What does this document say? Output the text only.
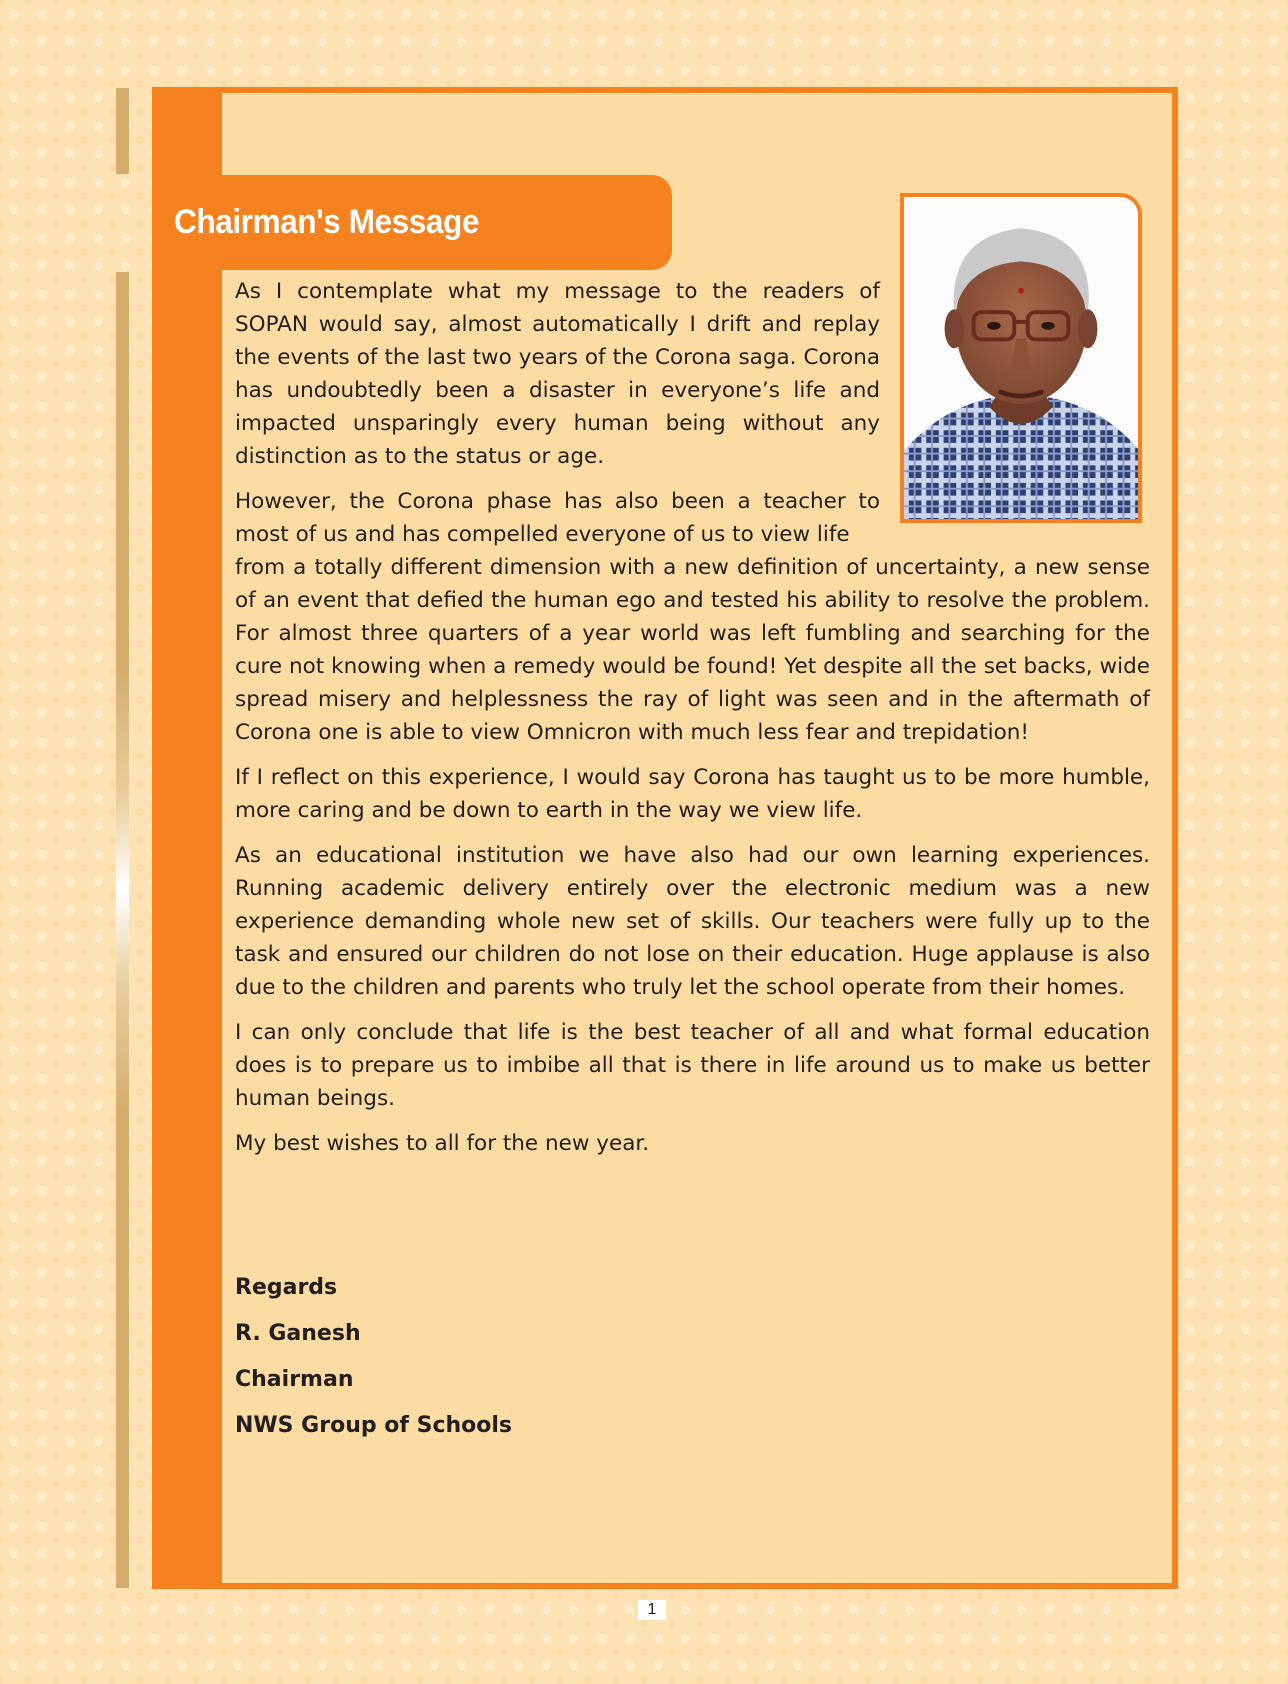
Chairman's Message

As I contemplate what my message to the readers of SOPAN would say, almost automatically I drift and replay the events of the last two years of the Corona saga. Corona has undoubtedly been a disaster in everyone’s life and impacted unsparingly every human being without any distinction as to the status or age.

However, the Corona phase has also been a teacher to most of us and has compelled everyone of us to view life

from a totally different dimension with a new definition of uncertainty, a new sense of an event that defied the human ego and tested his ability to resolve the problem. For almost three quarters of a year world was left fumbling and searching for the cure not knowing when a remedy would be found! Yet despite all the set backs, wide spread misery and helplessness the ray of light was seen and in the aftermath of Corona one is able to view Omnicron with much less fear and trepidation!

If I reflect on this experience, I would say Corona has taught us to be more humble, more caring and be down to earth in the way we view life.

As an educational institution we have also had our own learning experiences. Running academic delivery entirely over the electronic medium was a new experience demanding whole new set of skills. Our teachers were fully up to the task and ensured our children do not lose on their education. Huge applause is also due to the children and parents who truly let the school operate from their homes.

I can only conclude that life is the best teacher of all and what formal education does is to prepare us to imbibe all that is there in life around us to make us better human beings.

My best wishes to all for the new year.

Regards
R. Ganesh
Chairman
NWS Group of Schools
1
